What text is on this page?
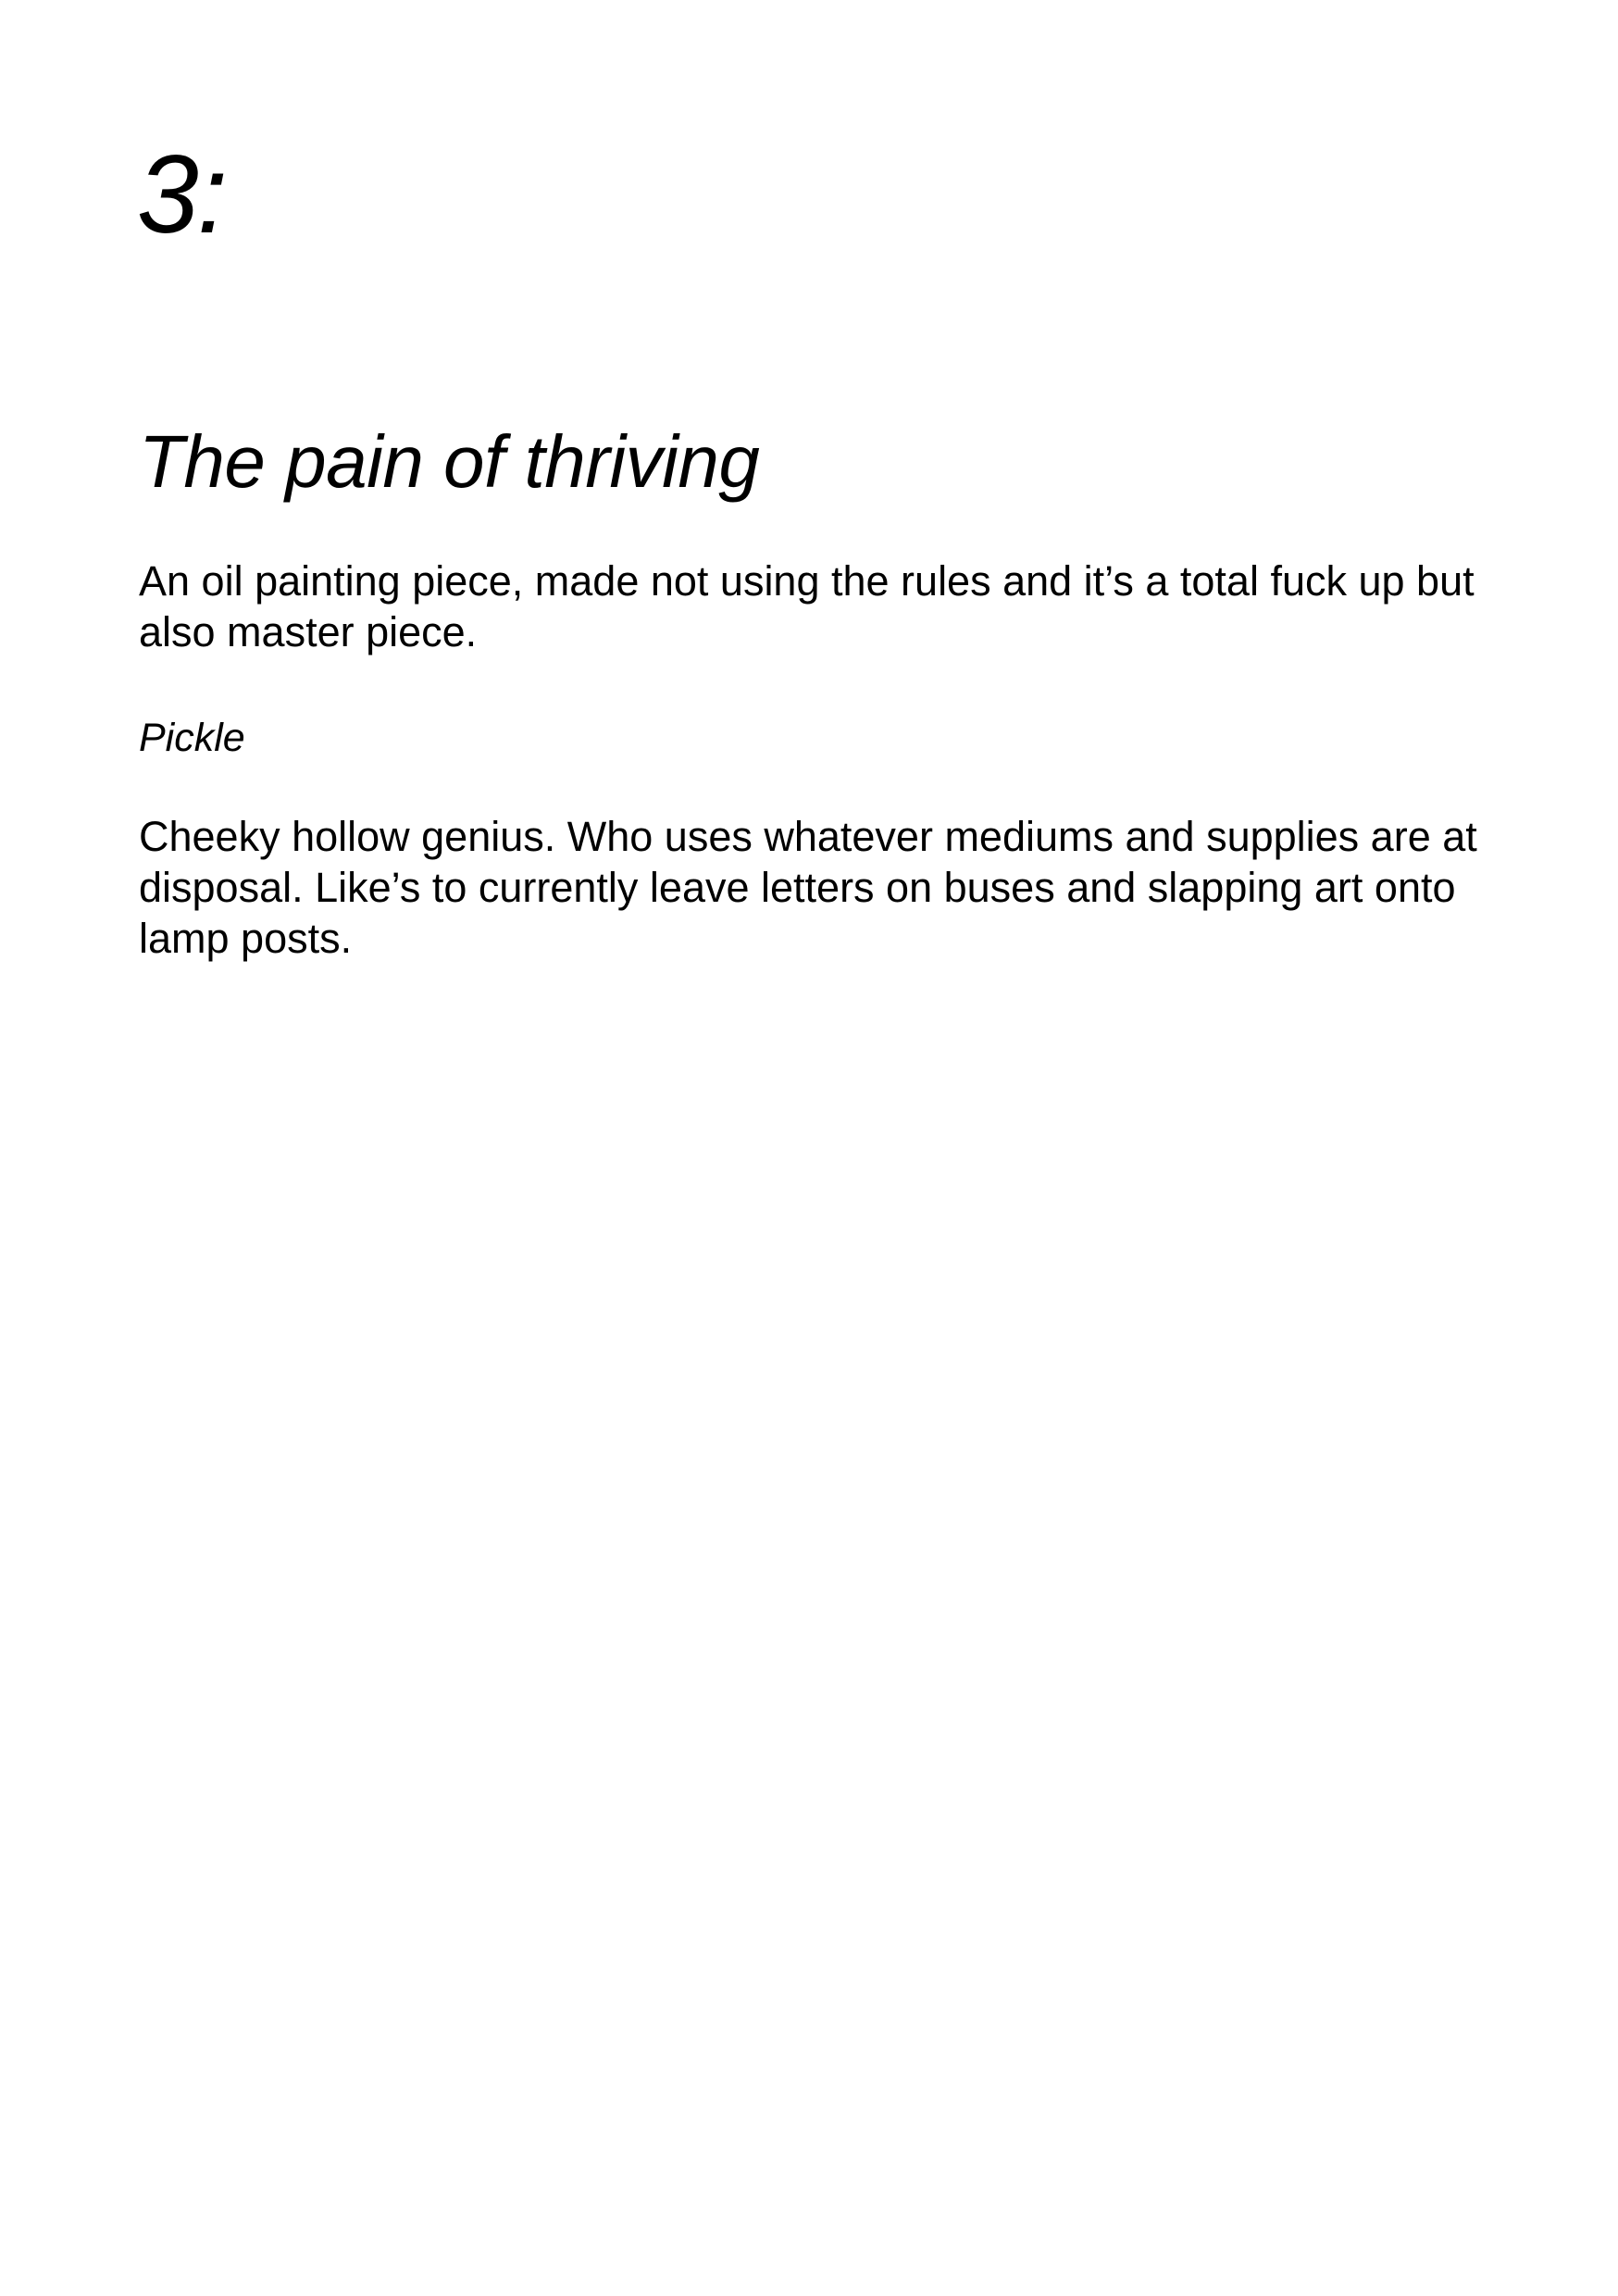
3:
The pain of thriving

An oil painting piece, made not using the rules and it’s a total fuck up but also master piece.

Pickle

Cheeky hollow genius. Who uses whatever mediums and supplies are at disposal. Like’s to currently leave letters on buses and slapping art onto lamp posts.
